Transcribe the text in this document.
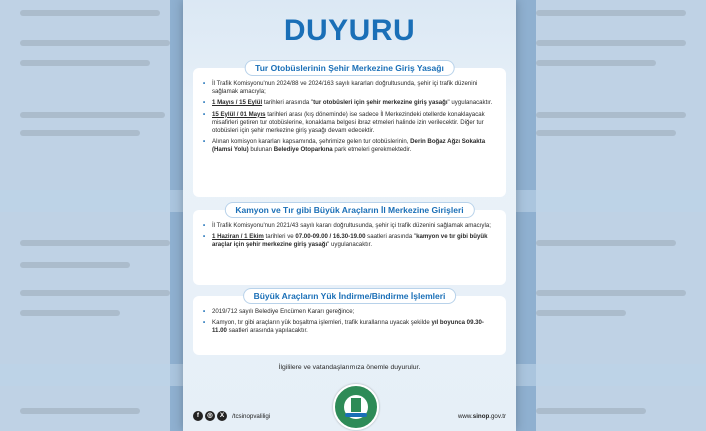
DUYURU
Tur Otobüslerinin Şehir Merkezine Giriş Yasağı
• İl Trafik Komisyonu'nun 2024/88 ve 2024/163 sayılı kararları doğrultusunda, şehir içi trafik düzenini sağlamak amacıyla;
• 1 Mayıs / 15 Eylül tarihleri arasında "tur otobüsleri için şehir merkezine giriş yasağı" uygulanacaktır.
• 15 Eylül / 01 Mayıs tarihleri arası (kış döneminde) ise sadece İl Merkezindeki otellerde konaklayacak misafirleri getiren tur otobüslerine, konaklama belgesi ibraz etmeleri halinde izin verilecektir. Diğer tur otobüsleri için şehir merkezine giriş yasağı devam edecektir.
• Alınan komisyon kararları kapsamında, şehrimize gelen tur otobüslerinin, Derin Boğaz Ağzı Sokakta (Hamsi Yolu) bulunan Belediye Otoparkına park etmeleri gerekmektedir.
Kamyon ve Tır gibi Büyük Araçların İl Merkezine Girişleri
• İl Trafik Komisyonu'nun 2021/43 sayılı kararı doğrultusunda, şehir içi trafik düzenini sağlamak amacıyla;
• 1 Haziran / 1 Ekim tarihleri ve 07.00-09.00 / 16.30-19.00 saatleri arasında "kamyon ve tır gibi büyük araçlar için şehir merkezine giriş yasağı" uygulanacaktır.
Büyük Araçların Yük İndirme/Bindirme İşlemleri
• 2019/712 sayılı Belediye Encümen Kararı gereğince;
• Kamyon, tır gibi araçların yük boşaltma işlemleri, trafik kurallarına uyacak şekilde yıl boyunca 09.30-11.00 saatleri arasında yapılacaktır.
İlgililere ve vatandaşlarımıza önemle duyurulur.
f	◎	X	/tcsinopvaliligi	www.sinop.gov.tr
